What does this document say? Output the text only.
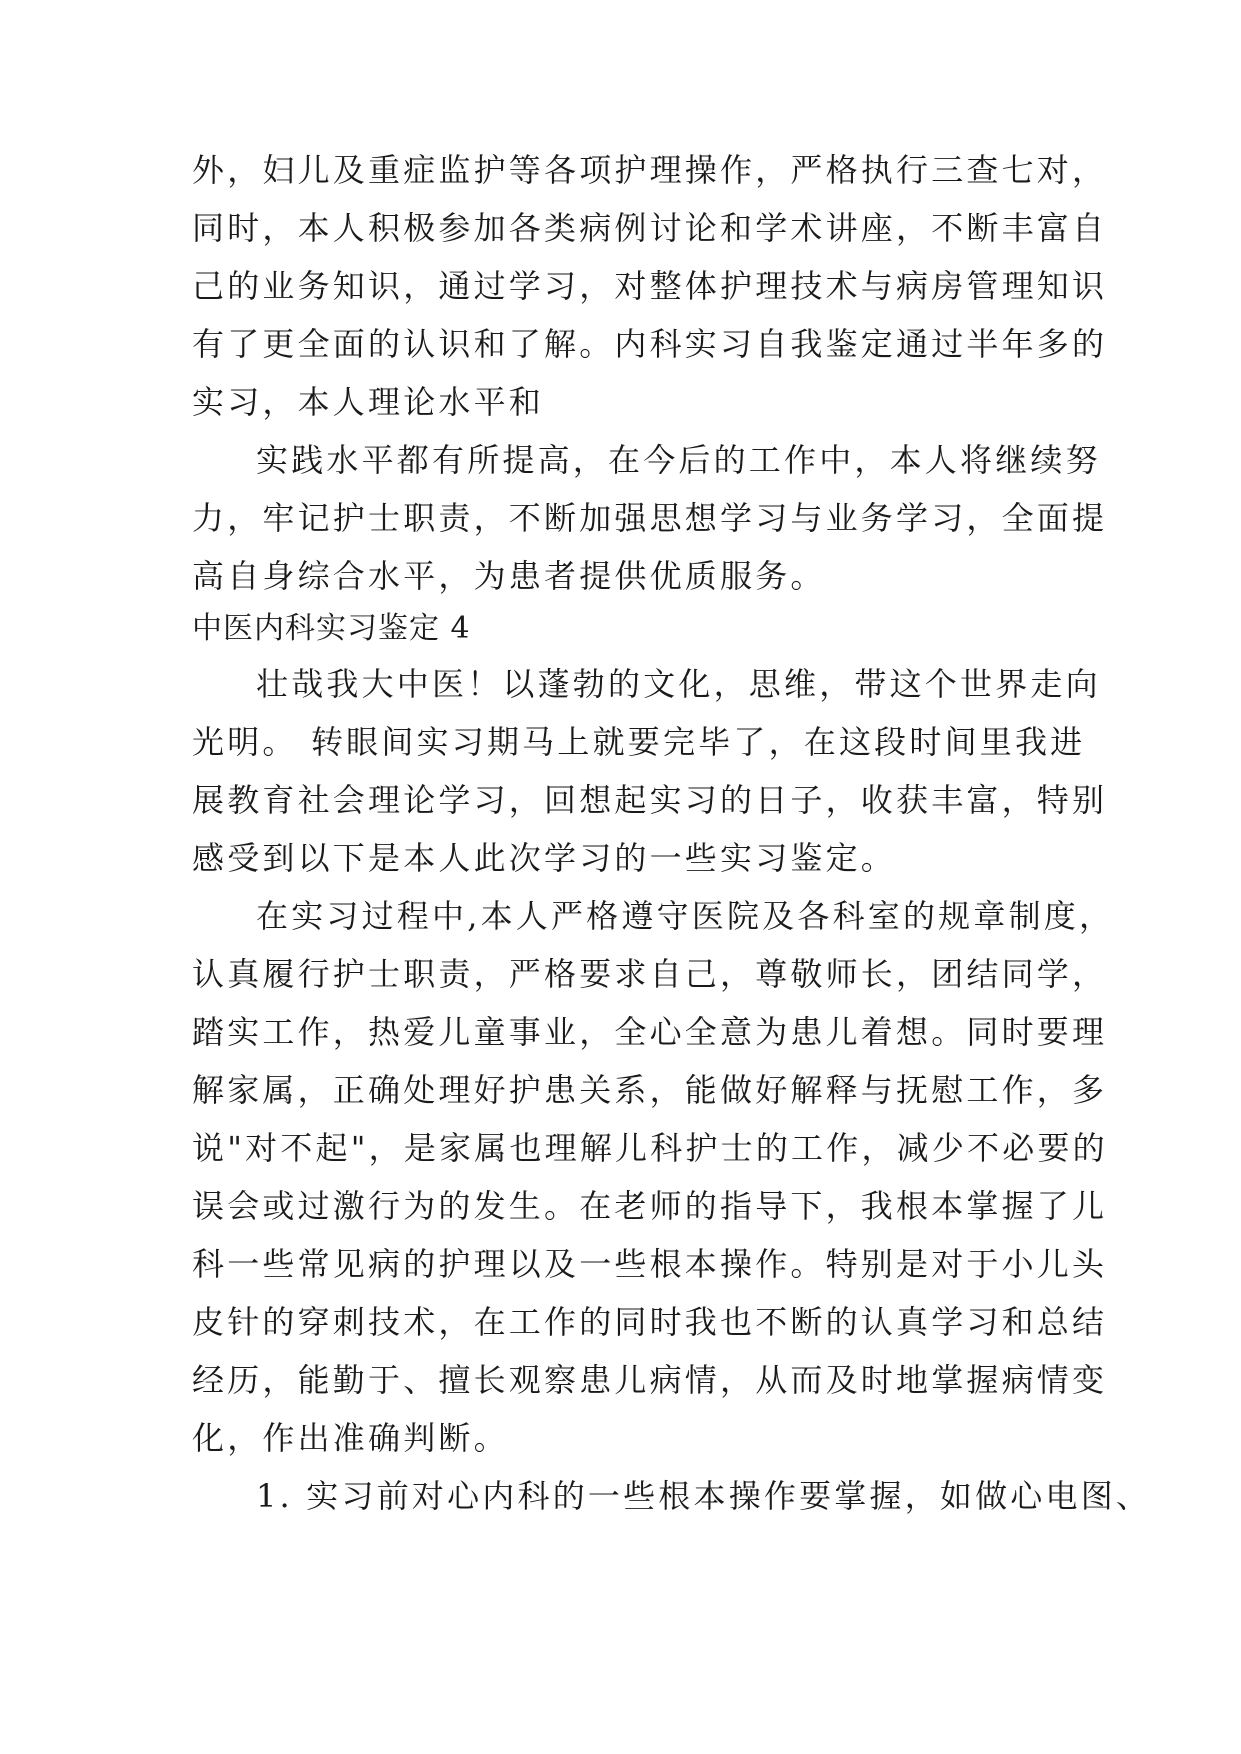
外，妇儿及重症监护等各项护理操作，严格执行三查七对，
同时，本人积极参加各类病例讨论和学术讲座，不断丰富自
己的业务知识，通过学习，对整体护理技术与病房管理知识
有了更全面的认识和了解。内科实习自我鉴定通过半年多的
实习，本人理论水平和
实践水平都有所提高，在今后的工作中，本人将继续努
力，牢记护士职责，不断加强思想学习与业务学习，全面提
高自身综合水平，为患者提供优质服务。
中医内科实习鉴定 4
壮哉我大中医！以蓬勃的文化，思维，带这个世界走向
光明。 转眼间实习期马上就要完毕了，在这段时间里我进
展教育社会理论学习，回想起实习的日子，收获丰富，特别
感受到以下是本人此次学习的一些实习鉴定。
在实习过程中,本人严格遵守医院及各科室的规章制度，
认真履行护士职责，严格要求自己，尊敬师长，团结同学，
踏实工作，热爱儿童事业，全心全意为患儿着想。同时要理
解家属，正确处理好护患关系，能做好解释与抚慰工作，多
说"对不起"，是家属也理解儿科护士的工作，减少不必要的
误会或过激行为的发生。在老师的指导下，我根本掌握了儿
科一些常见病的护理以及一些根本操作。特别是对于小儿头
皮针的穿刺技术，在工作的同时我也不断的认真学习和总结
经历，能勤于、擅长观察患儿病情，从而及时地掌握病情变
化，作出准确判断。
1. 实习前对心内科的一些根本操作要掌握，如做心电图、
